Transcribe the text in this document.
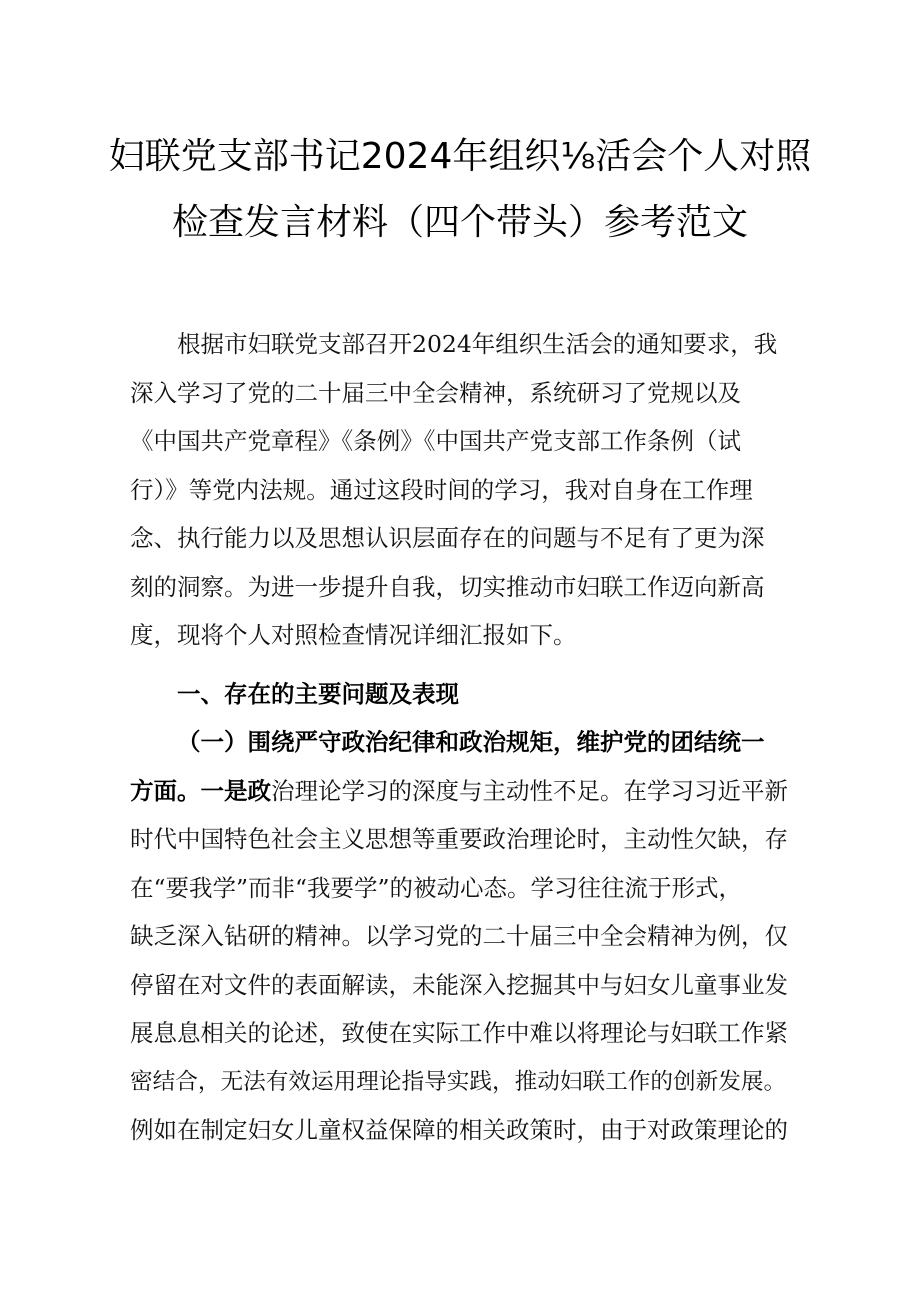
妇联党支部书记2024年组织⅛活会个人对照
检查发言材料（四个带头）参考范文
根据市妇联党支部召开2024年组织生活会的通知要求，我
深入学习了党的二十届三中全会精神，系统研习了党规以及
《中国共产党章程》《条例》《中国共产党支部工作条例（试
行）》等党内法规。通过这段时间的学习，我对自身在工作理
念、执行能力以及思想认识层面存在的问题与不足有了更为深
刻的洞察。为进一步提升自我，切实推动市妇联工作迈向新高
度，现将个人对照检查情况详细汇报如下。
一、存在的主要问题及表现
（一）围绕严守政治纪律和政治规矩，维护党的团结统一
方面。一是政治理论学习的深度与主动性不足。在学习习近平新
时代中国特色社会主义思想等重要政治理论时，主动性欠缺，存
在“要我学”而非“我要学”的被动心态。学习往往流于形式，
缺乏深入钻研的精神。以学习党的二十届三中全会精神为例，仅
停留在对文件的表面解读，未能深入挖掘其中与妇女儿童事业发
展息息相关的论述，致使在实际工作中难以将理论与妇联工作紧
密结合，无法有效运用理论指导实践，推动妇联工作的创新发展。
例如在制定妇女儿童权益保障的相关政策时，由于对政策理论的
